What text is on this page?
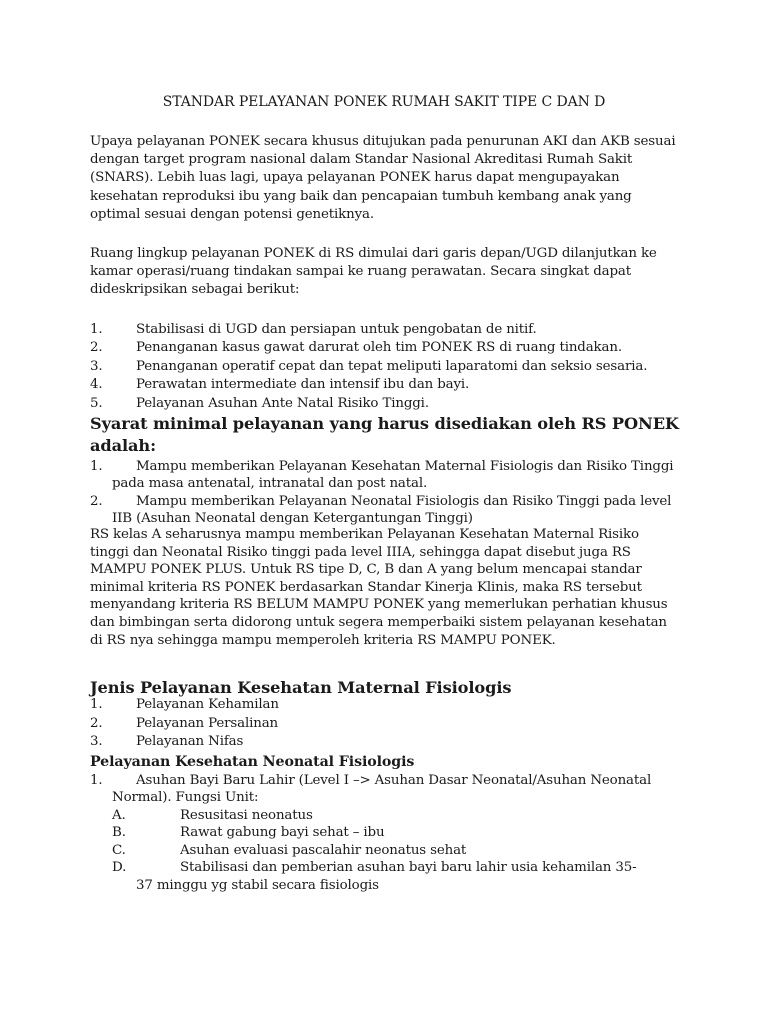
STANDAR PELAYANAN PONEK RUMAH SAKIT TIPE C DAN D
Upaya pelayanan PONEK secara khusus ditujukan pada penurunan AKI dan AKB sesuai
dengan target program nasional dalam Standar Nasional Akreditasi Rumah Sakit
(SNARS). Lebih luas lagi, upaya pelayanan PONEK harus dapat mengupayakan
kesehatan reproduksi ibu yang baik dan pencapaian tumbuh kembang anak yang
optimal sesuai dengan potensi genetiknya.
Ruang lingkup pelayanan PONEK di RS dimulai dari garis depan/UGD dilanjutkan ke
kamar operasi/ruang tindakan sampai ke ruang perawatan. Secara singkat dapat
dideskripsikan sebagai berikut:
1.	Stabilisasi di UGD dan persiapan untuk pengobatan de nitif.
2.	Penanganan kasus gawat darurat oleh tim PONEK RS di ruang tindakan.
3.	Penanganan operatif cepat dan tepat meliputi laparatomi dan seksio sesaria.
4.	Perawatan intermediate dan intensif ibu dan bayi.
5.	Pelayanan Asuhan Ante Natal Risiko Tinggi.
Syarat minimal pelayanan yang harus disediakan oleh RS PONEK
adalah:
1.	Mampu memberikan Pelayanan Kesehatan Maternal Fisiologis dan Risiko Tinggi
pada masa antenatal, intranatal dan post natal.
2.	Mampu memberikan Pelayanan Neonatal Fisiologis dan Risiko Tinggi pada level
IIB (Asuhan Neonatal dengan Ketergantungan Tinggi)
RS kelas A seharusnya mampu memberikan Pelayanan Kesehatan Maternal Risiko
tinggi dan Neonatal Risiko tinggi pada level IIIA, sehingga dapat disebut juga RS
MAMPU PONEK PLUS. Untuk RS tipe D, C, B dan A yang belum mencapai standar
minimal kriteria RS PONEK berdasarkan Standar Kinerja Klinis, maka RS tersebut
menyandang kriteria RS BELUM MAMPU PONEK yang memerlukan perhatian khusus
dan bimbingan serta didorong untuk segera memperbaiki sistem pelayanan kesehatan
di RS nya sehingga mampu memperoleh kriteria RS MAMPU PONEK.
Jenis Pelayanan Kesehatan Maternal Fisiologis
1.	Pelayanan Kehamilan
2.	Pelayanan Persalinan
3.	Pelayanan Nifas
Pelayanan Kesehatan Neonatal Fisiologis
1.	Asuhan Bayi Baru Lahir (Level I –> Asuhan Dasar Neonatal/Asuhan Neonatal
Normal). Fungsi Unit:
A.	Resusitasi neonatus
B.	Rawat gabung bayi sehat – ibu
C.	Asuhan evaluasi pascalahir neonatus sehat
D.	Stabilisasi dan pemberian asuhan bayi baru lahir usia kehamilan 35-
37 minggu yg stabil secara fisiologis
